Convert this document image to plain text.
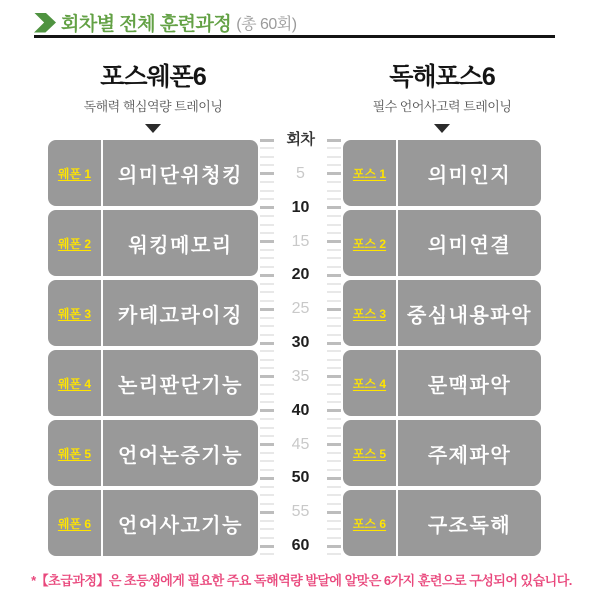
회차별 전체 훈련과정 (총 60회)
포스웨폰6
독해력 핵심역량 트레이닝
독해포스6
필수 언어사고력 트레이닝
웨폰 1	의미단위청킹
웨폰 2	워킹메모리
웨폰 3	카테고라이징
웨폰 4	논리판단기능
웨폰 5	언어논증기능
웨폰 6	언어사고기능
회차
5
10
15
20
25
30
35
40
45
50
55
60
포스 1	의미인지
포스 2	의미연결
포스 3	중심내용파악
포스 4	문맥파악
포스 5	주제파악
포스 6	구조독해
*【초급과정】은 초등생에게 필요한 주요 독해역량 발달에 알맞은 6가지 훈련으로 구성되어 있습니다.
